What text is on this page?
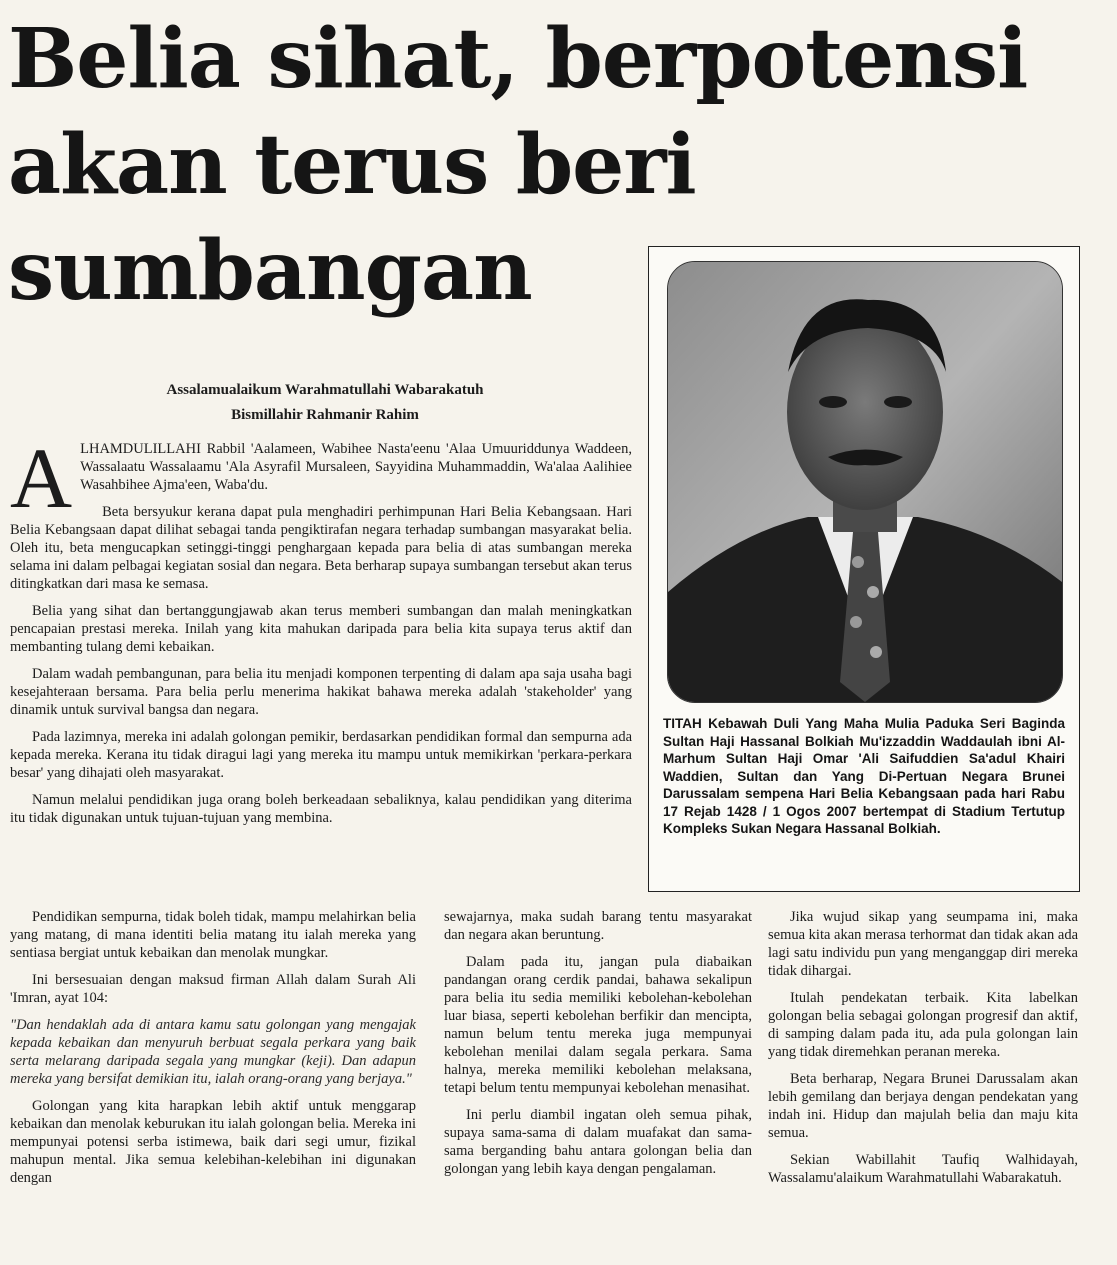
Belia sihat, berpotensi
akan terus beri
sumbangan
Assalamualaikum Warahmatullahi Wabarakatuh
Bismillahir Rahmanir Rahim

ALHAMDULILLAHI Rabbil 'Aalameen, Wabihee Nasta'eenu 'Alaa Umuuriddunya Waddeen, Wassalaatu Wassalaamu 'Ala Asyrafil Mursaleen, Sayyidina Muhammaddin, Wa'alaa Aalihiee Wasahbihee Ajma'een, Waba'du.

Beta bersyukur kerana dapat pula menghadiri perhimpunan Hari Belia Kebangsaan. Hari Belia Kebangsaan dapat dilihat sebagai tanda pengiktirafan negara terhadap sumbangan masyarakat belia. Oleh itu, beta mengucapkan setinggi-tinggi penghargaan kepada para belia di atas sumbangan mereka selama ini dalam pelbagai kegiatan sosial dan negara. Beta berharap supaya sumbangan tersebut akan terus ditingkatkan dari masa ke semasa.

Belia yang sihat dan bertanggungjawab akan terus memberi sumbangan dan malah meningkatkan pencapaian prestasi mereka. Inilah yang kita mahukan daripada para belia kita supaya terus aktif dan membanting tulang demi kebaikan.

Dalam wadah pembangunan, para belia itu menjadi komponen terpenting di dalam apa saja usaha bagi kesejahteraan bersama. Para belia perlu menerima hakikat bahawa mereka adalah 'stakeholder' yang dinamik untuk survival bangsa dan negara.

Pada lazimnya, mereka ini adalah golongan pemikir, berdasarkan pendidikan formal dan sempurna ada kepada mereka. Kerana itu tidak diragui lagi yang mereka itu mampu untuk memikirkan 'perkara-perkara besar' yang dihajati oleh masyarakat.

Namun melalui pendidikan juga orang boleh berkeadaan sebaliknya, kalau pendidikan yang diterima itu tidak digunakan untuk tujuan-tujuan yang membina.

TITAH Kebawah Duli Yang Maha Mulia Paduka Seri Baginda Sultan Haji Hassanal Bolkiah Mu'izzaddin Waddaulah ibni Al-Marhum Sultan Haji Omar 'Ali Saifuddien Sa'adul Khairi Waddien, Sultan dan Yang Di-Pertuan Negara Brunei Darussalam sempena Hari Belia Kebangsaan pada hari Rabu 17 Rejab 1428 / 1 Ogos 2007 bertempat di Stadium Tertutup Kompleks Sukan Negara Hassanal Bolkiah.

Pendidikan sempurna, tidak boleh tidak, mampu melahirkan belia yang matang, di mana identiti belia matang itu ialah mereka yang sentiasa bergiat untuk kebaikan dan menolak mungkar.

Ini bersesuaian dengan maksud firman Allah dalam Surah Ali 'Imran, ayat 104:

"Dan hendaklah ada di antara kamu satu golongan yang mengajak kepada kebaikan dan menyuruh berbuat segala perkara yang baik serta melarang daripada segala yang mungkar (keji). Dan adapun mereka yang bersifat demikian itu, ialah orang-orang yang berjaya."

Golongan yang kita harapkan lebih aktif untuk menggarap kebaikan dan menolak keburukan itu ialah golongan belia. Mereka ini mempunyai potensi serba istimewa, baik dari segi umur, fizikal mahupun mental. Jika semua kelebihan-kelebihan ini digunakan dengan

sewajarnya, maka sudah barang tentu masyarakat dan negara akan beruntung.

Dalam pada itu, jangan pula diabaikan pandangan orang cerdik pandai, bahawa sekalipun para belia itu sedia memiliki kebolehan-kebolehan luar biasa, seperti kebolehan berfikir dan mencipta, namun belum tentu mereka juga mempunyai kebolehan menilai dalam segala perkara. Sama halnya, mereka memiliki kebolehan melaksana, tetapi belum tentu mempunyai kebolehan menasihat.

Ini perlu diambil ingatan oleh semua pihak, supaya sama-sama di dalam muafakat dan sama-sama berganding bahu antara golongan belia dan golongan yang lebih kaya dengan pengalaman.

Jika wujud sikap yang seumpama ini, maka semua kita akan merasa terhormat dan tidak akan ada lagi satu individu pun yang menganggap diri mereka tidak dihargai.

Itulah pendekatan terbaik. Kita labelkan golongan belia sebagai golongan progresif dan aktif, di samping dalam pada itu, ada pula golongan lain yang tidak diremehkan peranan mereka.

Beta berharap, Negara Brunei Darussalam akan lebih gemilang dan berjaya dengan pendekatan yang indah ini. Hidup dan majulah belia dan maju kita semua.

Sekian Wabillahit Taufiq Walhidayah, Wassalamu'alaikum Warahmatullahi Wabarakatuh.
